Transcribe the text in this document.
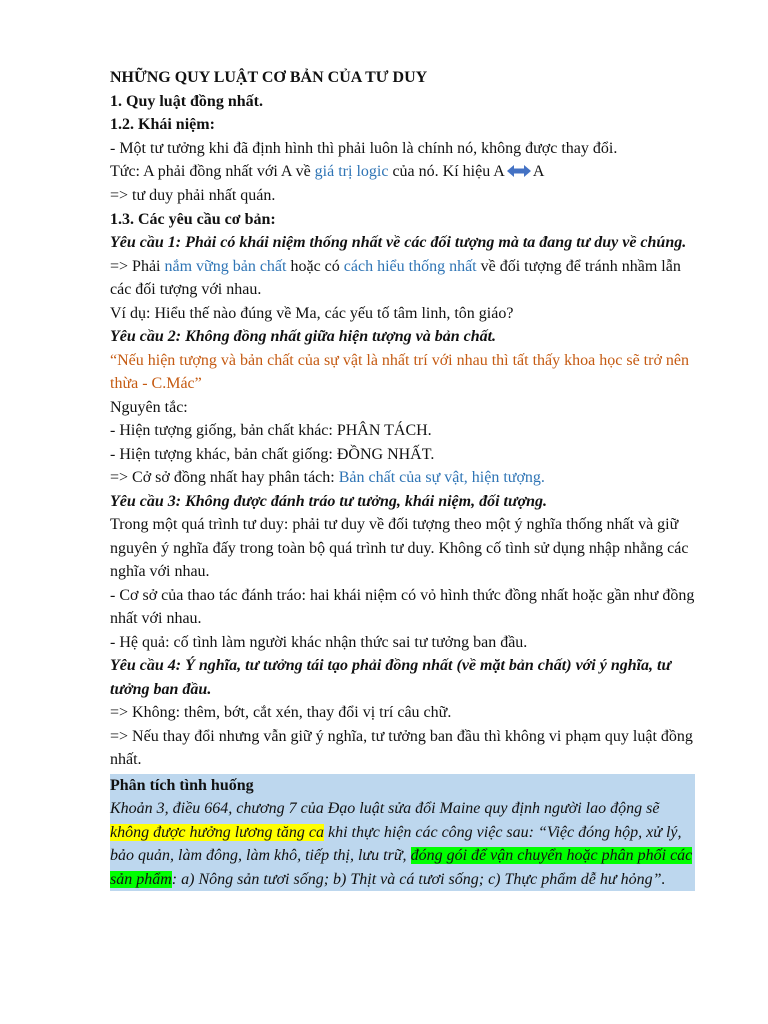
NHỮNG QUY LUẬT CƠ BẢN CỦA TƯ DUY
1. Quy luật đồng nhất.
1.2. Khái niệm:
- Một tư tưởng khi đã định hình thì phải luôn là chính nó, không được thay đổi.
Tức: A phải đồng nhất với A về giá trị logic của nó. Kí hiệu A A
=> tư duy phải nhất quán.
1.3. Các yêu cầu cơ bản:
Yêu cầu 1: Phải có khái niệm thống nhất về các đối tượng mà ta đang tư duy về chúng.
=> Phải nắm vững bản chất hoặc có cách hiểu thống nhất về đối tượng để tránh nhầm lẫn các đối tượng với nhau.
Ví dụ: Hiểu thế nào đúng về Ma, các yếu tố tâm linh, tôn giáo?
Yêu cầu 2: Không đồng nhất giữa hiện tượng và bản chất.
“Nếu hiện tượng và bản chất của sự vật là nhất trí với nhau thì tất thấy khoa học sẽ trở nên thừa - C.Mác”
Nguyên tắc:
- Hiện tượng giống, bản chất khác: PHÂN TÁCH.
- Hiện tượng khác, bản chất giống: ĐỒNG NHẤT.
=> Cở sở đồng nhất hay phân tách: Bản chất của sự vật, hiện tượng.
Yêu cầu 3: Không được đánh tráo tư tưởng, khái niệm, đối tượng.
Trong một quá trình tư duy: phải tư duy về đối tượng theo một ý nghĩa thống nhất và giữ nguyên ý nghĩa đấy trong toàn bộ quá trình tư duy. Không cố tình sử dụng nhập nhằng các nghĩa với nhau.
- Cơ sở của thao tác đánh tráo: hai khái niệm có vỏ hình thức đồng nhất hoặc gần như đồng nhất với nhau.
- Hệ quả: cố tình làm người khác nhận thức sai tư tưởng ban đầu.
Yêu cầu 4: Ý nghĩa, tư tưởng tái tạo phải đồng nhất (về mặt bản chất) với ý nghĩa, tư tưởng ban đầu.
=> Không: thêm, bớt, cắt xén, thay đổi vị trí câu chữ.
=> Nếu thay đổi nhưng vẫn giữ ý nghĩa, tư tưởng ban đầu thì không vi phạm quy luật đồng nhất.
Phân tích tình huống
Khoản 3, điều 664, chương 7 của Đạo luật sửa đổi Maine quy định người lao động sẽ không được hưởng lương tăng ca khi thực hiện các công việc sau: “Việc đóng hộp, xử lý, bảo quản, làm đông, làm khô, tiếp thị, lưu trữ, đóng gói để vận chuyển hoặc phân phối các sản phẩm: a) Nông sản tươi sống; b) Thịt và cá tươi sống; c) Thực phẩm dễ hư hỏng”.
